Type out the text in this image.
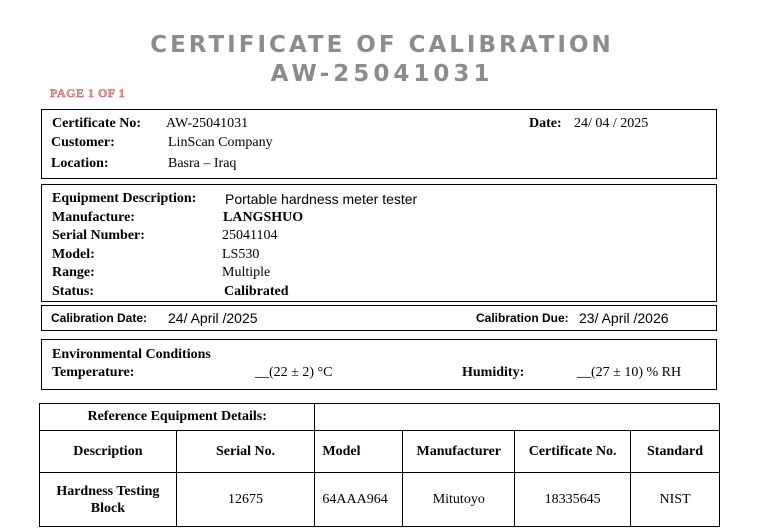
CERTIFICATE OF CALIBRATION
AW-25041031
PAGE 1 OF 1
Certificate No: AW-25041031	Date: 24/ 04 / 2025
Customer:	LinScan Company
Location:	Basra – Iraq
Equipment Description: Portable hardness meter tester
Manufacture:	LANGSHUO
Serial Number:	25041104
Model:	LS530
Range:	Multiple
Status:	Calibrated
Calibration Date: 24/ April /2025	Calibration Due: 23/ April /2026
Environmental Conditions
Temperature:	__(22 ± 2) °C	Humidity:	__(27 ± 10) % RH
Reference Equipment Details:					
Description	Serial No.	Model	Manufacturer	Certificate No.	Standard
Hardness Testing Block	12675	64AAA964	Mitutoyo	18335645	NIST
